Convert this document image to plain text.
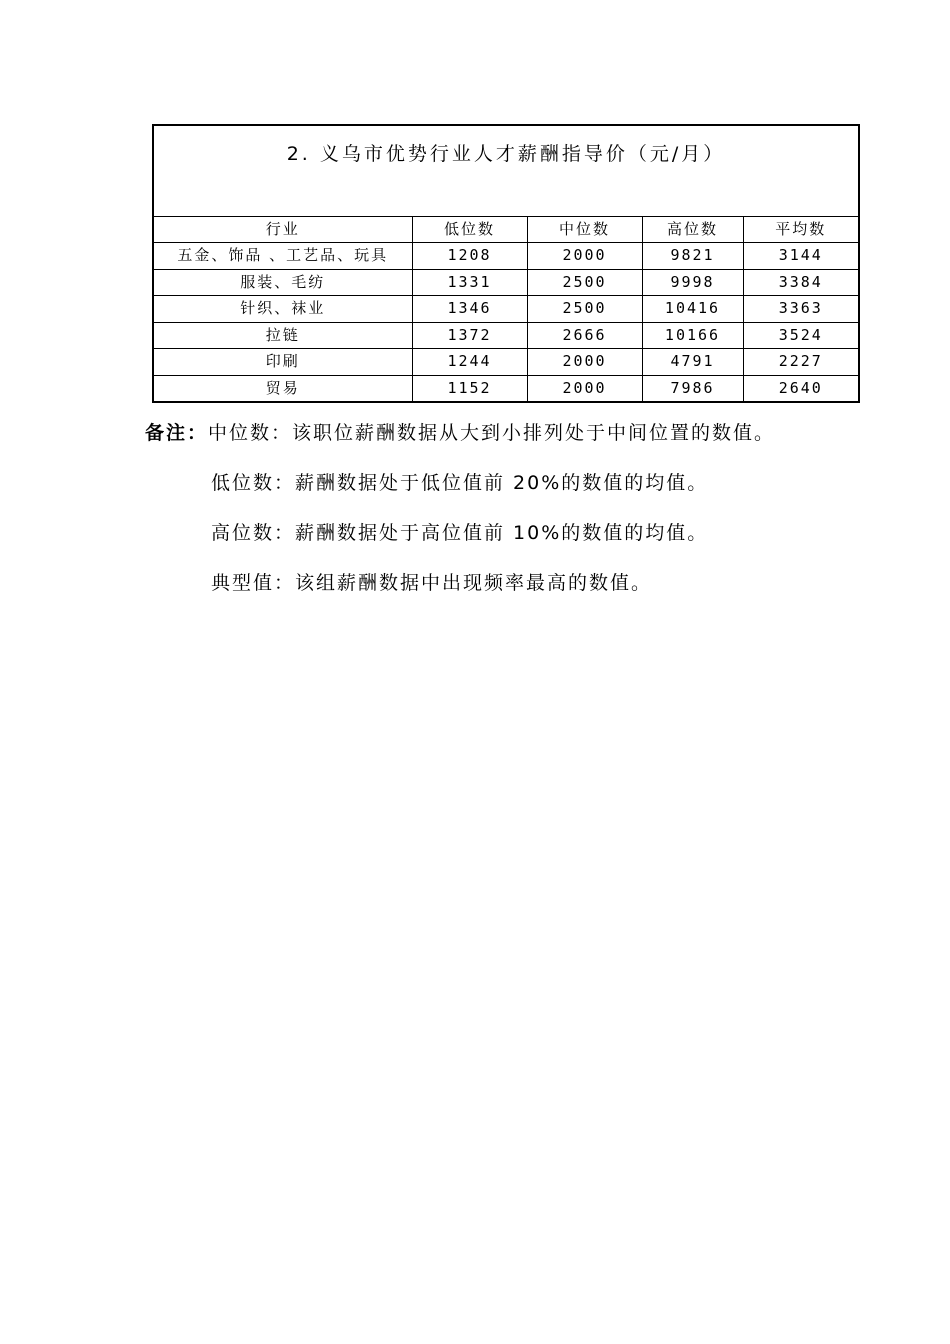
2. 义乌市优势行业人才薪酬指导价（元/月）				
行业	低位数	中位数	高位数	平均数
五金、饰品 、工艺品、玩具	1208	2000	9821	3144
服装、毛纺	1331	2500	9998	3384
针织、袜业	1346	2500	10416	3363
拉链	1372	2666	10166	3524
印刷	1244	2000	4791	2227
贸易	1152	2000	7986	2640
备注：中位数：该职位薪酬数据从大到小排列处于中间位置的数值。
低位数：薪酬数据处于低位值前 20%的数值的均值。
高位数：薪酬数据处于高位值前 10%的数值的均值。
典型值：该组薪酬数据中出现频率最高的数值。
